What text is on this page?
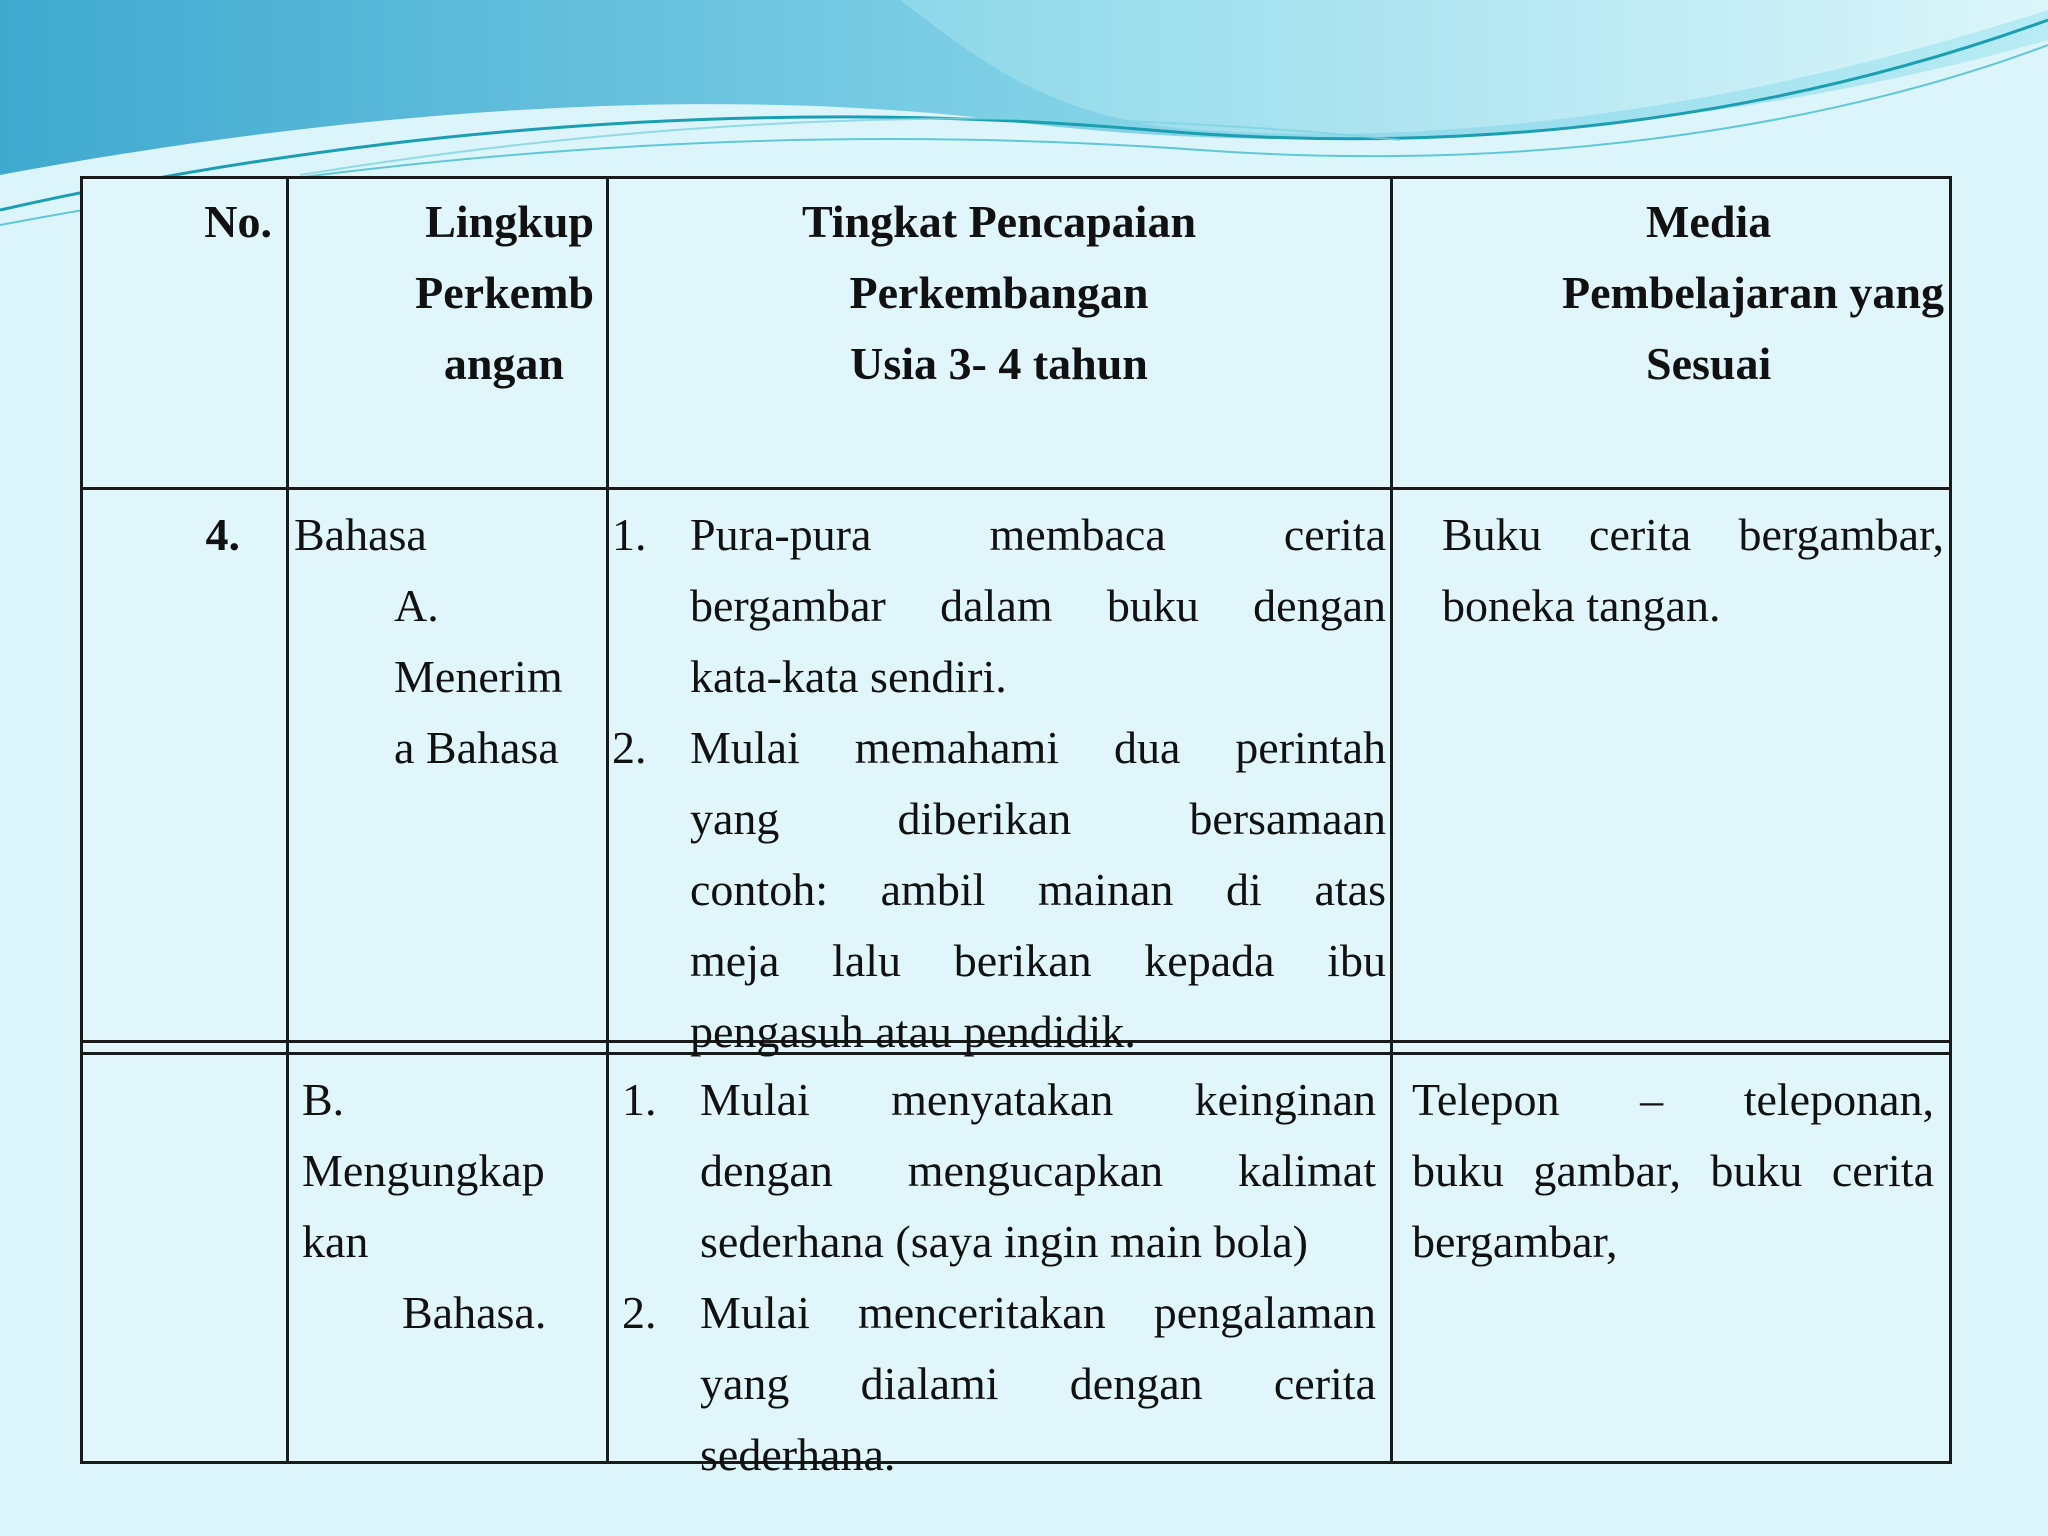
No.	Lingkup
Perkemb
angan
Tingkat Pencapaian
Perkembangan
Usia 3- 4 tahun
Media
Pembelajaran yang
Sesuai
4. Bahasa
A.
Menerim
a Bahasa
1. Pura-pura membaca cerita
bergambar dalam buku dengan
kata-kata sendiri.
2. Mulai memahami dua perintah
yang diberikan bersamaan
contoh: ambil mainan di atas
meja lalu berikan kepada ibu
pengasuh atau pendidik.
Buku cerita bergambar,
boneka tangan.
B.
Mengungkap
kan
Bahasa.
1. Mulai menyatakan keinginan
dengan mengucapkan kalimat
sederhana (saya ingin main bola)
2. Mulai menceritakan pengalaman
yang dialami dengan cerita
sederhana.
Telepon – teleponan,
buku gambar, buku cerita
bergambar,
